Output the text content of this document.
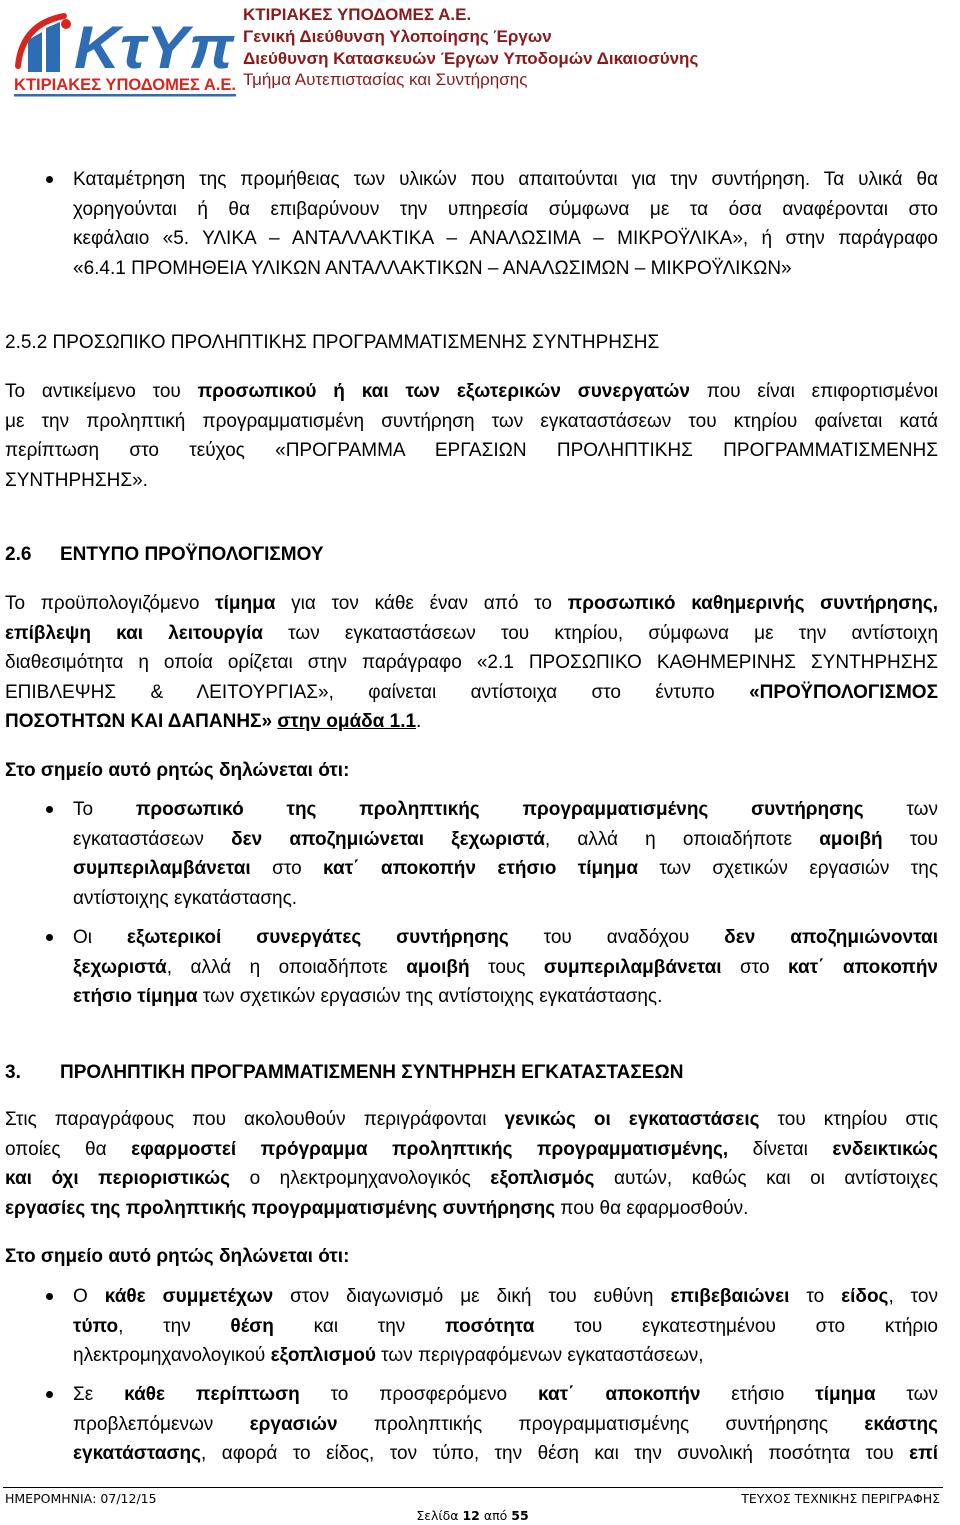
KτYπ
ΚΤΙΡΙΑΚΕΣ ΥΠΟΔΟΜΕΣ Α.Ε.
ΚΤΙΡΙΑΚΕΣ ΥΠΟΔΟΜΕΣ Α.Ε.
Γενική Διεύθυνση Υλοποίησης Έργων
Διεύθυνση Κατασκευών Έργων Υποδομών Δικαιοσύνης
Τμήμα Αυτεπιστασίας και Συντήρησης
Καταμέτρηση της προμήθειας των υλικών που απαιτούνται για την συντήρηση. Τα υλικά θα
χορηγούνται ή θα επιβαρύνουν την υπηρεσία σύμφωνα με τα όσα αναφέρονται στο
κεφάλαιο «5. ΥΛΙΚΑ – ΑΝΤΑΛΛΑΚΤΙΚΑ – ΑΝΑΛΩΣΙΜΑ – ΜΙΚΡΟΫΛΙΚΑ», ή στην παράγραφο
«6.4.1 ΠΡΟΜΗΘΕΙΑ ΥΛΙΚΩΝ ΑΝΤΑΛΛΑΚΤΙΚΩΝ – ΑΝΑΛΩΣΙΜΩΝ – ΜΙΚΡΟΫΛΙΚΩΝ»
2.5.2 ΠΡΟΣΩΠΙΚΟ ΠΡΟΛΗΠΤΙΚΗΣ ΠΡΟΓΡΑΜΜΑΤΙΣΜΕΝΗΣ ΣΥΝΤΗΡΗΣΗΣ
Το αντικείμενο του προσωπικού ή και των εξωτερικών συνεργατών που είναι επιφορτισμένοι
με την προληπτική προγραμματισμένη συντήρηση των εγκαταστάσεων του κτηρίου φαίνεται κατά
περίπτωση στο τεύχος «ΠΡΟΓΡΑΜΜΑ ΕΡΓΑΣΙΩΝ ΠΡΟΛΗΠΤΙΚΗΣ ΠΡΟΓΡΑΜΜΑΤΙΣΜΕΝΗΣ
ΣΥΝΤΗΡΗΣΗΣ».
2.6 ΕΝΤΥΠΟ ΠΡΟΫΠΟΛΟΓΙΣΜΟΥ
Το προϋπολογιζόμενο τίμημα για τον κάθε έναν από το προσωπικό καθημερινής συντήρησης,
επίβλεψη και λειτουργία των εγκαταστάσεων του κτηρίου, σύμφωνα με την αντίστοιχη
διαθεσιμότητα η οποία ορίζεται στην παράγραφο «2.1 ΠΡΟΣΩΠΙΚΟ ΚΑΘΗΜΕΡΙΝΗΣ ΣΥΝΤΗΡΗΣΗΣ
ΕΠΙΒΛΕΨΗΣ & ΛΕΙΤΟΥΡΓΙΑΣ», φαίνεται αντίστοιχα στο έντυπο «ΠΡΟΫΠΟΛΟΓΙΣΜΟΣ
ΠΟΣΟΤΗΤΩΝ ΚΑΙ ΔΑΠΑΝΗΣ» στην ομάδα 1.1.
Στο σημείο αυτό ρητώς δηλώνεται ότι:
Το προσωπικό της προληπτικής προγραμματισμένης συντήρησης των
εγκαταστάσεων δεν αποζημιώνεται ξεχωριστά, αλλά η οποιαδήποτε αμοιβή του
συμπεριλαμβάνεται στο κατ΄ αποκοπήν ετήσιο τίμημα των σχετικών εργασιών της
αντίστοιχης εγκατάστασης.
Οι εξωτερικοί συνεργάτες συντήρησης του αναδόχου δεν αποζημιώνονται
ξεχωριστά, αλλά η οποιαδήποτε αμοιβή τους συμπεριλαμβάνεται στο κατ΄ αποκοπήν
ετήσιο τίμημα των σχετικών εργασιών της αντίστοιχης εγκατάστασης.
3. ΠΡΟΛΗΠΤΙΚΗ ΠΡΟΓΡΑΜΜΑΤΙΣΜΕΝΗ ΣΥΝΤΗΡΗΣΗ ΕΓΚΑΤΑΣΤΑΣΕΩΝ
Στις παραγράφους που ακολουθούν περιγράφονται γενικώς οι εγκαταστάσεις του κτηρίου στις
οποίες θα εφαρμοστεί πρόγραμμα προληπτικής προγραμματισμένης, δίνεται ενδεικτικώς
και όχι περιοριστικώς ο ηλεκτρομηχανολογικός εξοπλισμός αυτών, καθώς και οι αντίστοιχες
εργασίες της προληπτικής προγραμματισμένης συντήρησης που θα εφαρμοσθούν.
Στο σημείο αυτό ρητώς δηλώνεται ότι:
Ο κάθε συμμετέχων στον διαγωνισμό με δική του ευθύνη επιβεβαιώνει το είδος, τον
τύπο, την θέση και την ποσότητα του εγκατεστημένου στο κτήριο
ηλεκτρομηχανολογικού εξοπλισμού των περιγραφόμενων εγκαταστάσεων,
Σε κάθε περίπτωση το προσφερόμενο κατ΄ αποκοπήν ετήσιο τίμημα των
προβλεπόμενων εργασιών προληπτικής προγραμματισμένης συντήρησης εκάστης
εγκατάστασης, αφορά το είδος, τον τύπο, την θέση και την συνολική ποσότητα του επί
ΗΜΕΡΟΜΗΝΙΑ: 07/12/15	ΤΕΥΧΟΣ ΤΕΧΝΙΚΗΣ ΠΕΡΙΓΡΑΦΗΣ
Σελίδα 12 από 55
